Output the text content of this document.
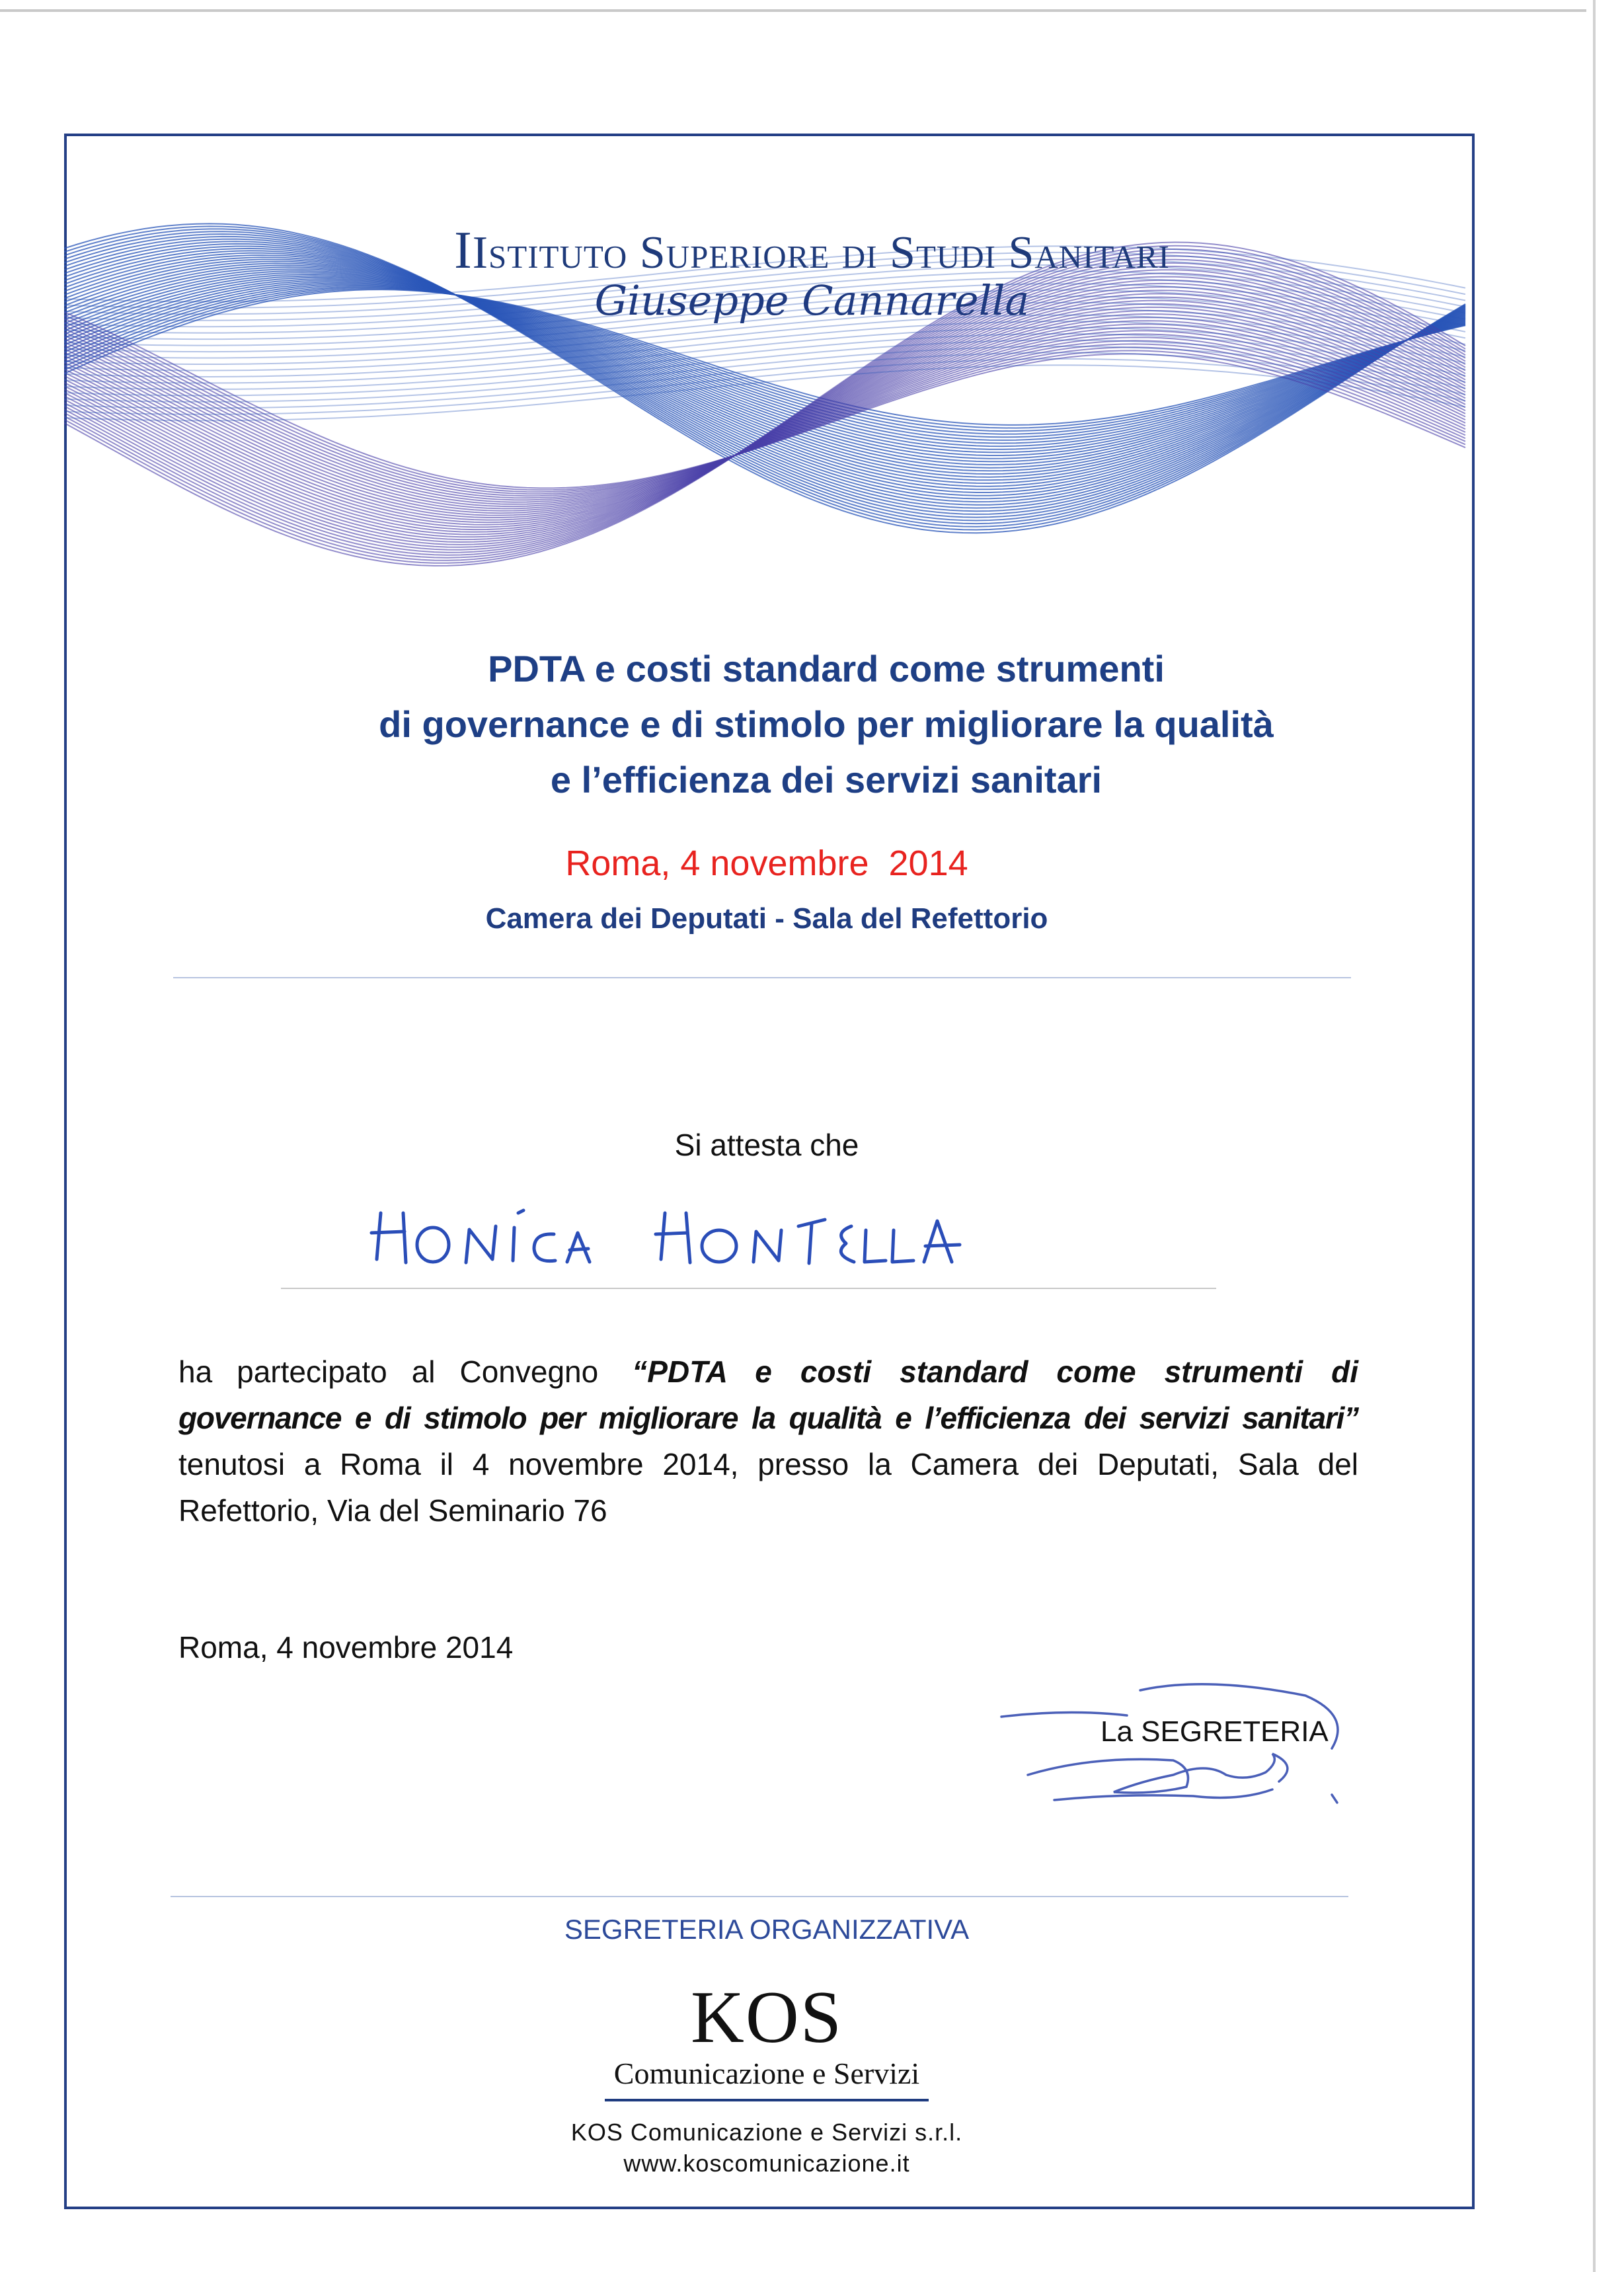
IIstituto Superiore di Studi Sanitari
Giuseppe Cannarella
PDTA e costi standard come strumenti
di governance e di stimolo per migliorare la qualità
e l’efficienza dei servizi sanitari
Roma, 4 novembre  2014
Camera dei Deputati - Sala del Refettorio
Si attesta che
ha partecipato al Convegno “PDTA e costi standard come strumenti di
governance e di stimolo per migliorare la qualità e l’efficienza dei servizi sanitari”
tenutosi a Roma il 4 novembre 2014, presso la Camera dei Deputati, Sala del
Refettorio, Via del Seminario 76
Roma, 4 novembre 2014
La SEGRETERIA
SEGRETERIA ORGANIZZATIVA
KOS
Comunicazione e Servizi
KOS Comunicazione e Servizi s.r.l.
www.koscomunicazione.it
